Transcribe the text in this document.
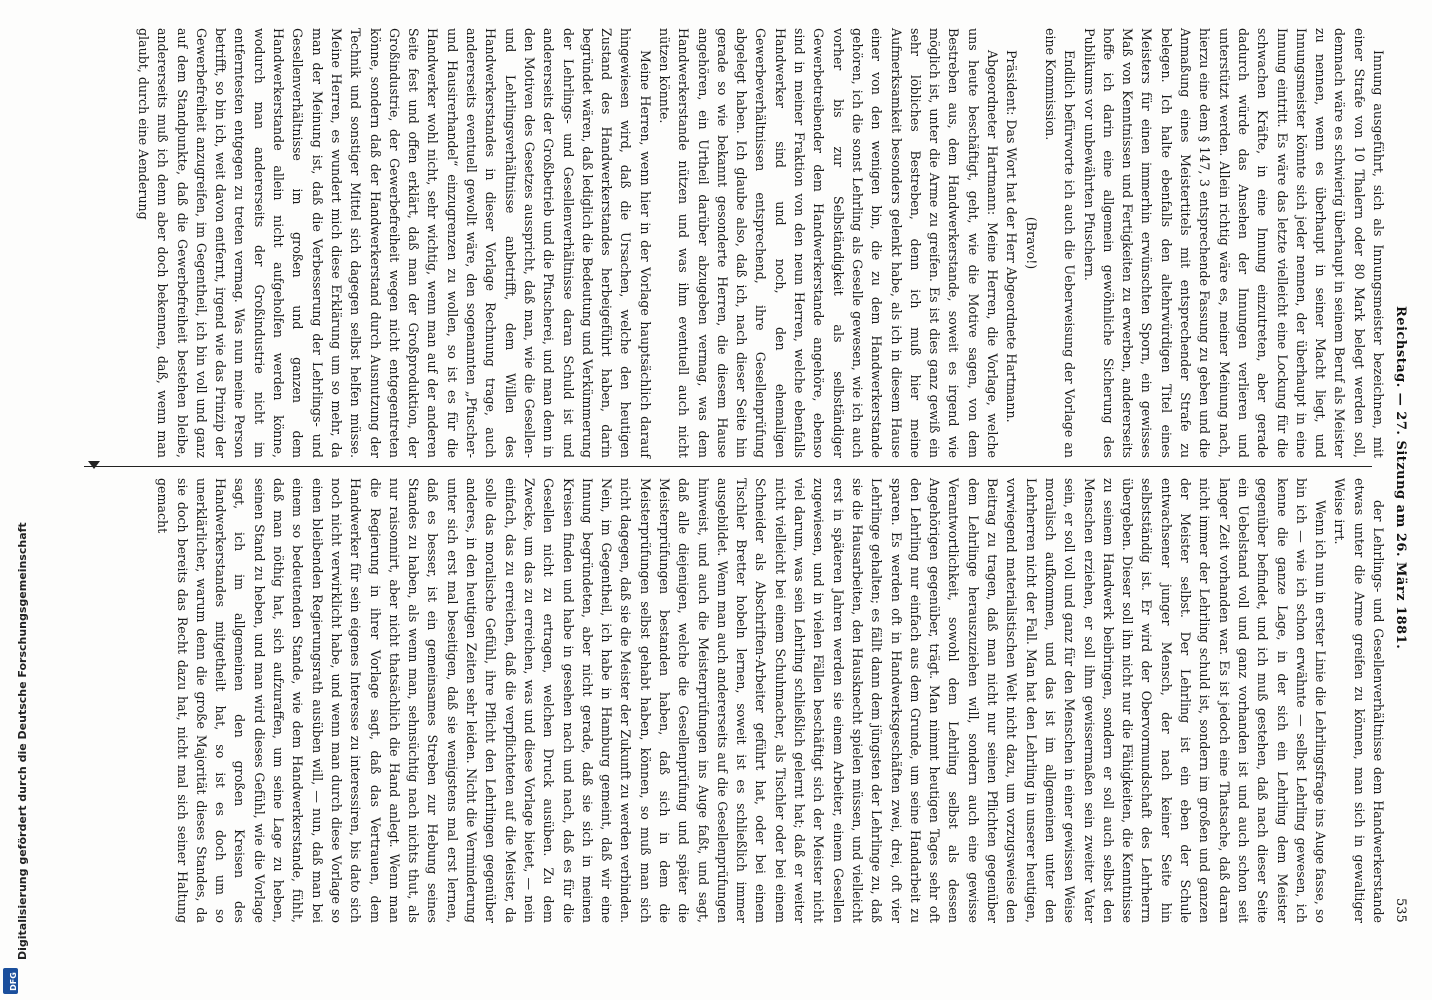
Reichstag. — 27. Sitzung am 26. März 1881.
535

Innung ausgeführt, sich als Innungsmeister bezeichnen, mit einer Strafe von 10 Thalern oder 80 Mark belegt werden soll, demnach wäre es schwierig überhaupt in seinem Beruf als Meister zu nennen, wenn es überhaupt in seiner Macht liegt, und Innungsmeister könnte sich jeder nennen, der überhaupt in eine Innung eintritt. Es wäre das letzte vielleicht eine Lockung für die schwachen Kräfte, in eine Innung einzutreten, aber gerade dadurch würde das Ansehen der Innungen verlieren und unterstützt werden. Allein richtig wäre es, meiner Meinung nach, hierzu eine dem § 147, 3 entsprechende Fassung zu geben und die Anmaßung eines Meistertitels mit entsprechender Strafe zu belegen. Ich halte ebenfalls den altehrwürdigen Titel eines Meisters für einen immerhin erwünschten Sporn, ein gewisses Maß von Kenntnissen und Fertigkeiten zu erwerben, andererseits hoffe ich darin eine allgemein gewöhnliche Sicherung des Publikums vor unbewährten Pfuschern.

Endlich befürworte ich auch die Ueberweisung der Vorlage an eine Kommission.

(Bravo!)

Präsident: Das Wort hat der Herr Abgeordnete Hartmann.

Abgeordneter Hartmann: Meine Herren, die Vorlage, welche uns heute beschäftigt, geht, wie die Motive sagen, von dem Bestreben aus, dem Handwerkerstande, soweit es irgend wie möglich ist, unter die Arme zu greifen. Es ist dies ganz gewiß ein sehr löbliches Bestreben, denn ich muß hier meine Aufmerksamkeit besonders gelenkt habe, als ich in diesem Hause einer von den wenigen bin, die zu dem Handwerkerstande gehören, ich die sonst Lehrling als Geselle gewesen, wie ich auch vorher bis zur Selbständigkeit als selbständiger Gewerbetreibender dem Handwerkerstande angehöre, ebenso sind in meiner Fraktion von den neun Herren, welche ebenfalls Handwerker sind und noch, den ehemaligen Gewerbeverhältnissen entsprechend, ihre Gesellenprüfung abgelegt haben. Ich glaube also, daß ich, nach dieser Seite hin gerade so wie bekannt gesonderte Herren, die diesem Hause angehören, ein Urtheil darüber abzugeben vermag, was dem Handwerkerstande nützen und was ihm eventuell auch nicht nützen könnte.

Meine Herren, wenn hier in der Vorlage hauptsächlich darauf hingewiesen wird, daß die Ursachen, welche den heutigen Zustand des Handwerkerstandes herbeigeführt haben, darin begründet wären, daß lediglich die Bedeutung und Verkümmerung der Lehrlings- und Gesellenverhältnisse daran Schuld ist und andererseits der Großbetrieb und die Pfuscherei, und man denn in den Motiven des Gesetzes ausspricht, daß man, wie die Gesellen- und Lehrlingsverhältnisse anbetrifft, dem Willen des Handwerkerstandes in dieser Vorlage Rechnung trage, auch andererseits eventuell gewollt wäre, den sogenannten „Pfuscher- und Hausirerhandel“ einzugrenzen zu wollen, so ist es für die Handwerker wohl nicht, sehr wichtig, wenn man auf der anderen Seite fest und offen erklärt, daß man der Großproduktion, der Großindustrie, der Gewerbefreiheit wegen nicht entgegentreten könne, sondern daß der Handwerkerstand durch Ausnutzung der Technik und sonstiger Mittel sich dagegen selbst helfen müsse. Meine Herren, es wundert mich diese Erklärung um so mehr, da man der Meinung ist, daß die Verbesserung der Lehrlings- und Gesellenverhältnisse im großen und ganzen dem Handwerkerstande allein nicht aufgeholfen werden könne, wodurch man andererseits der Großindustrie nicht im entferntesten entgegen zu treten vermag. Was nun meine Person betrifft, so bin ich, weit davon entfernt, irgend wie das Prinzip der Gewerbefreiheit anzugreifen, im Gegentheil, ich bin voll und ganz auf dem Standpunkte, daß die Gewerbefreiheit bestehen bleibe, andererseits muß ich denn aber doch bekennen, daß, wenn man glaubt, durch eine Aenderung

der Lehrlings- und Gesellenverhältnisse dem Handwerkerstande etwas unter die Arme greifen zu können, man sich in gewaltiger Weise irrt.

Wenn ich nun in erster Linie die Lehrlingsfrage ins Auge fasse, so bin ich — wie ich schon erwähnte — selbst Lehrling gewesen, ich kenne die ganze Lage, in der sich ein Lehrling dem Meister gegenüber befindet, und ich muß gestehen, daß nach dieser Seite ein Uebelstand voll und ganz vorhanden ist und auch schon seit langer Zeit vorhanden war. Es ist jedoch eine Thatsache, daß daran nicht immer der Lehrling schuld ist, sondern im großen und ganzen der Meister selbst. Der Lehrling ist ein eben der Schule entwachsener junger Mensch, der nach keiner Seite hin selbstständig ist. Er wird der Obervormundschaft des Lehrherrn übergeben. Dieser soll ihn nicht nur die Fähigkeiten, die Kenntnisse zu seinem Handwerk beibringen, sondern er soll auch selbst den Menschen erziehen, er soll ihm gewissermaßen sein zweiter Vater sein, er soll voll und ganz für den Menschen in einer gewissen Weise moralisch aufkommen, und das ist im allgemeinen unter den Lehrherren nicht der Fall. Man hat den Lehrling in unserer heutigen, vorwiegend materialistischen Welt nicht dazu, um vorzugsweise den Beitrag zu tragen, daß man nicht nur seinen Pflichten gegenüber dem Lehrlinge herauszuziehen will, sondern auch eine gewisse Verantwortlichkeit, sowohl dem Lehrling selbst als dessen Angehörigen gegenüber, trägt. Man nimmt heutigen Tages sehr oft den Lehrling nur einfach aus dem Grunde, um seine Handarbeit zu sparen. Es werden oft in Handwerksgeschäften zwei, drei, oft vier Lehrlinge gehalten; es fällt dann dem jüngsten der Lehrlinge zu, daß sie die Hausarbeiten, den Hausknecht spielen müssen, und vielleicht erst in späteren Jahren werden sie einem Arbeiter, einem Gesellen zugewiesen, und in vielen Fällen beschäftigt sich der Meister nicht viel darum, was sein Lehrling schließlich gelernt hat; daß er weiter nicht vielleicht bei einem Schuhmacher, als Tischler oder bei einem Schneider als Abschriften-Arbeiter geführt hat, oder bei einem Tischler Bretter hobeln lernen, soweit ist es schließlich immer ausgebildet. Wenn man auch andererseits auf die Gesellenprüfungen hinweist, und auch die Meisterprüfungen ins Auge faßt, und sagt, daß alle diejenigen, welche die Gesellenprüfung und später die Meisterprüfungen bestanden haben, daß sich in dem die Meisterprüfungen selbst gehabt haben, können, so muß man sich nicht dagegen, daß sie die Meister der Zukunft zu werden verbinden. Nein, im Gegentheil, ich habe in Hamburg gemeint, daß wir eine Innung begründeten, aber nicht gerade, daß sie sich in meinen Kreisen finden und habe in gesehen nach und nach, daß es für die Gesellen nicht zu ertragen, welchen Druck ausüben. Zu dem Zwecke, um das zu erreichen, was und diese Vorlage bietet, — nein einfach, das zu erreichen, daß die verpflichteten auf die Meister, da solle das moralische Gefühl, ihre Pflicht den Lehrlingen gegenüber anderes, in den heutigen Zeiten sehr leiden. Nicht die Verminderung unter sich erst mal beseitigen, daß sie wenigstens mal erst lernen, daß es besser, ist ein gemeinsames Streben zur Hebung seines Standes zu haben, als wenn man, sehnsüchtig nach nichts thut, als nur raisonnirt, aber nicht thatsächlich die Hand anlegt. Wenn man die Regierung in ihrer Vorlage sagt, daß das Vertrauen, dem Handwerker für sein eigenes Interesse zu interessiren, bis dato sich noch nicht verwirklicht habe, und wenn man durch diese Vorlage so einen bleibenden Regierungsrath ausüben will, — nun, daß man bei einem so bedeutenden Stande, wie dem Handwerkerstande, fühlt, daß man nöthig hat, sich aufzuraffen, um seine Lage zu heben, seinen Stand zu heben, und man wird dieses Gefühl, wie die Vorlage sagt, ich im allgemeinen den großen Kreisen des Handwerkerstandes mitgetheilt hat, so ist es doch um so unerklärlicher, warum denn die große Majorität dieses Standes, da sie doch bereits das Recht dazu hat, nicht mal sich seiner Haltung gemacht

Digitalisierung gefördert durch die Deutsche Forschungsgemeinschaft
DFG
